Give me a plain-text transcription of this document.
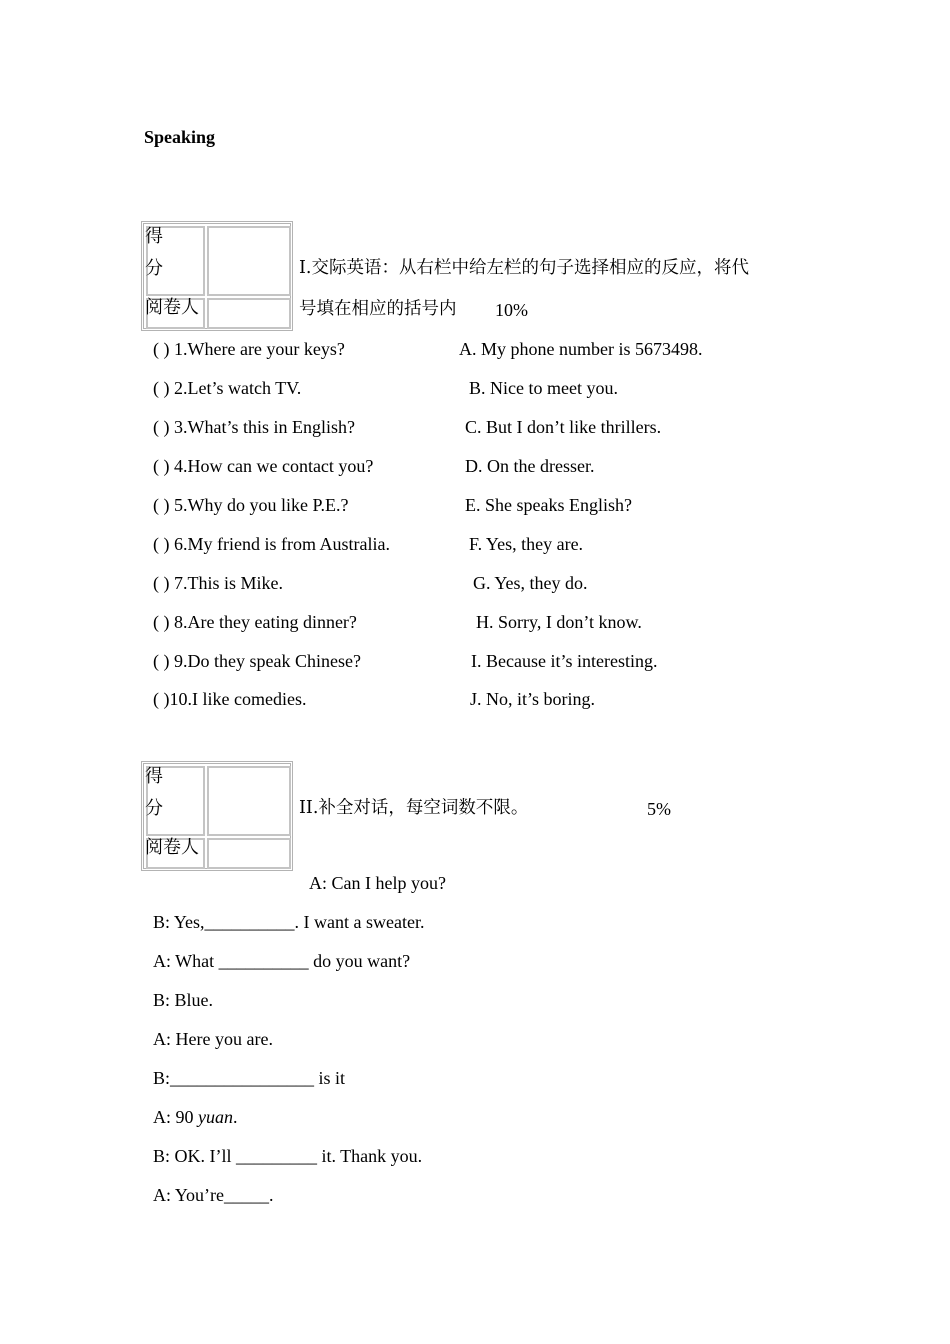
Speaking
得
分
阅卷人
I.交际英语：从右栏中给左栏的句子选择相应的反应，将代
号填在相应的括号内 10%
( ) 1.Where are your keys?	A. My phone number is 5673498.
( ) 2.Let’s watch TV.	B. Nice to meet you.
( ) 3.What’s this in English?	C. But I don’t like thrillers.
( ) 4.How can we contact you?	D. On the dresser.
( ) 5.Why do you like P.E.?	E. She speaks English?
( ) 6.My friend is from Australia.	F. Yes, they are.
( ) 7.This is Mike.	G. Yes, they do.
( ) 8.Are they eating dinner?	H. Sorry, I don’t know.
( ) 9.Do they speak Chinese?	I. Because it’s interesting.
( )10.I like comedies.	J. No, it’s boring.
得
分
阅卷人
II.补全对话，每空词数不限。	5%
A: Can I help you?
B: Yes,__________. I want a sweater.
A: What __________ do you want?
B: Blue.
A: Here you are.
B:________________ is it
A: 90 yuan.
B: OK. I’ll _________ it. Thank you.
A: You’re_____.
